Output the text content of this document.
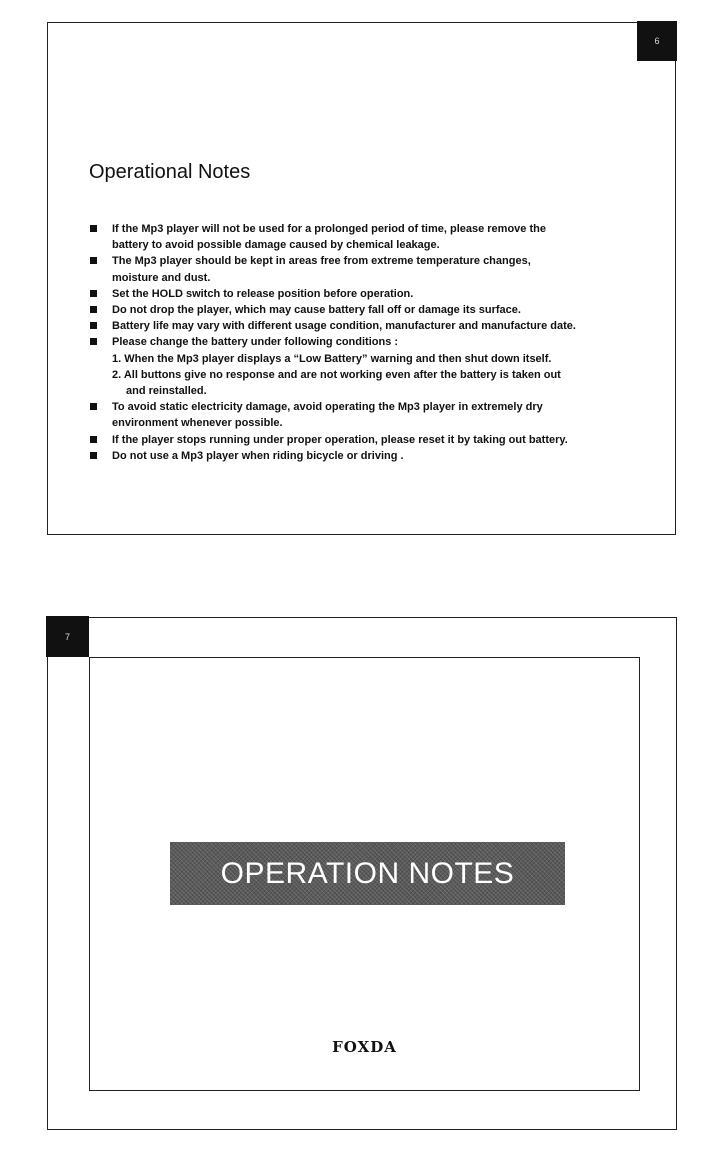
6
Operational Notes
If the Mp3 player will not be used for a prolonged period of time, please remove the
battery to avoid possible damage caused by chemical leakage.
The Mp3 player should be kept in areas free from extreme temperature changes,
moisture and dust.
Set the HOLD switch to release position before operation.
Do not drop the player, which may cause battery fall off or damage its surface.
Battery life may vary with different usage condition, manufacturer and manufacture date.
Please change the battery under following conditions :
1. When the Mp3 player displays a “Low Battery” warning and then shut down itself.
2. All buttons give no response and are not working even after the battery is taken out
and reinstalled.
To avoid static electricity damage, avoid operating the Mp3 player in extremely dry
environment whenever possible.
If the player stops running under proper operation, please reset it by taking out battery.
Do not use a Mp3 player when riding bicycle or driving .
7
OPERATION NOTES
FOXDA
